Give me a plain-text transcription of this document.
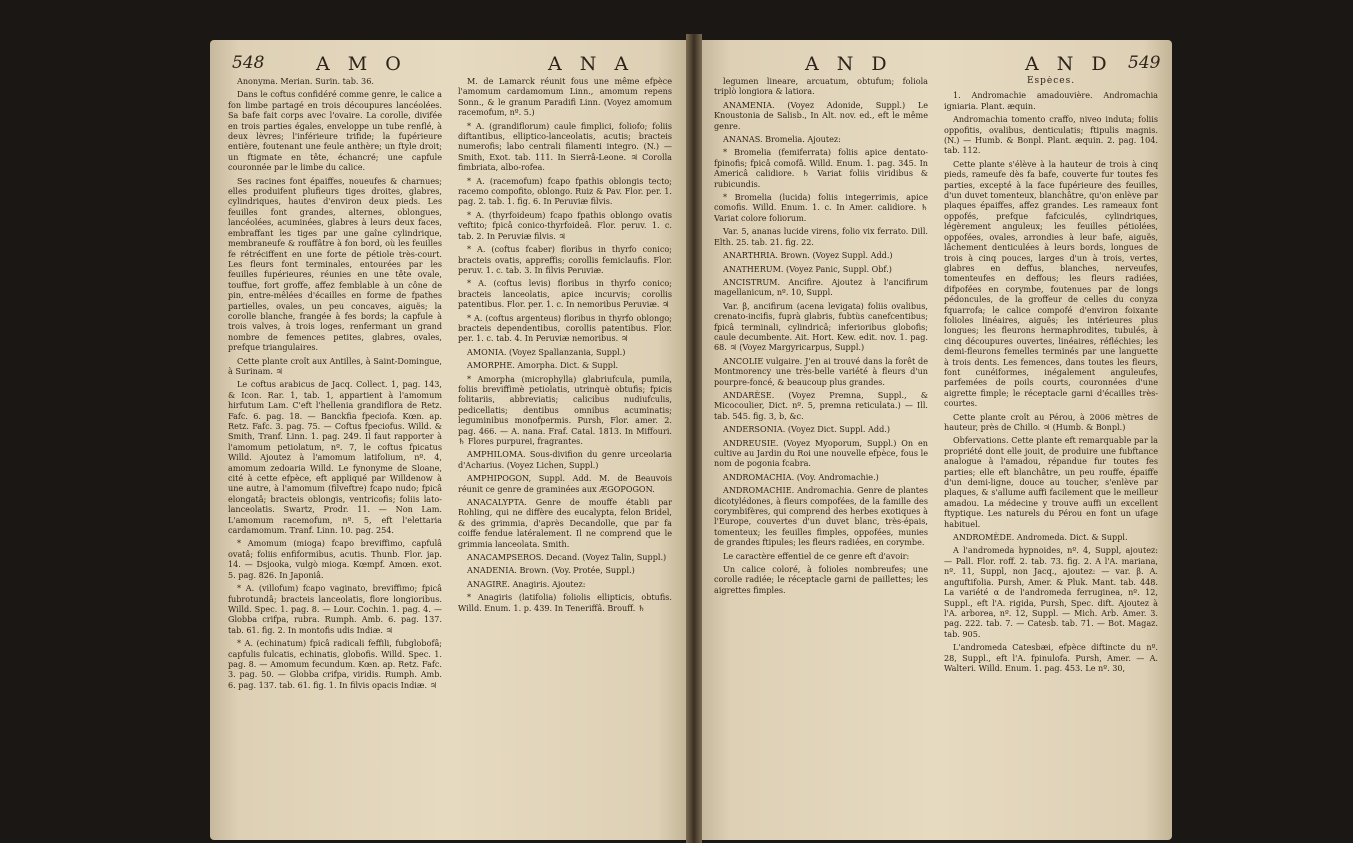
548	A M O	A N A	A N D	A N D 549

Anonyma. Merian. Surin. tab. 36.

Dans le coftus confidéré comme genre, le calice a fon limbe partagé en trois découpures lancéolées. Sa bafe fait corps avec l'ovaire. La corolle, divifée en trois parties égales, enveloppe un tube renflé, à deux lèvres; l'inférieure trifide; la fupérieure entière, foutenant une feule anthère; un ftyle droit; un ftigmate en tête, échancré; une capfule couronnée par le limbe du calice.

Ses racines font épaiffes, noueufes & charnues; elles produifent plufieurs tiges droites, glabres, cylindriques, hautes d'environ deux pieds. Les feuilles font grandes, alternes, oblongues, lancéolées, acuminées, glabres à leurs deux faces, embraffant les tiges par une gaîne cylindrique, membraneufe & rouffâtre à fon bord, où les feuilles fe rétréciffent en une forte de pétiole très-court. Les fleurs font terminales, entourées par les feuilles fupérieures, réunies en une tête ovale, touffue, fort groffe, affez femblable à un cône de pin, entre-mêlées d'écailles en forme de fpathes partielles, ovales, un peu concaves, aiguës; la corolle blanche, frangée à fes bords; la capfule à trois valves, à trois loges, renfermant un grand nombre de femences petites, glabres, ovales, prefque triangulaires.

Cette plante croît aux Antilles, à Saint-Domingue, à Surinam. ♃

Le coftus arabicus de Jacq. Collect. 1, pag. 143, & Icon. Rar. 1, tab. 1, appartient à l'amomum hirfutum Lam. C'eft l'hellenia grandiflora de Retz. Fafc. 6. pag. 18. — Banckfia fpeciofa. Kœn. ap. Retz. Fafc. 3. pag. 75. — Coftus fpeciofus. Willd. & Smith, Tranf. Linn. 1. pag. 249. Il faut rapporter à l'amomum petiolatum, nº. 7, le coftus fpicatus Willd. Ajoutez à l'amomum latifolium, nº. 4, amomum zedoaria Willd. Le fynonyme de Sloane, cité à cette efpèce, eft appliqué par Willdenow à une autre, à l'amomum (filveftre) fcapo nudo; fpicâ elongatâ; bracteis oblongis, ventricofis; foliis lato-lanceolatis. Swartz, Prodr. 11. — Non Lam. L'amomum racemofum, nº. 5, eft l'elettaria cardamomum. Tranf. Linn. 10. pag. 254.

* Amomum (mioga) fcapo breviffimo, capfulâ ovatâ; foliis enfiformibus, acutis. Thunb. Flor. jap. 14. — Dsjooka, vulgò mioga. Kœmpf. Amœn. exot. 5. pag. 826. In Japoniâ.

* A. (villofum) fcapo vaginato, breviffimo; fpicâ fubrotundâ; bracteis lanceolatis, flore longioribus. Willd. Spec. 1. pag. 8. — Lour. Cochin. 1. pag. 4. — Globba crifpa, rubra. Rumph. Amb. 6. pag. 137. tab. 61. fig. 2. In montofis udis Indiæ. ♃

* A. (echinatum) fpicâ radicali feffili, fubglobofâ; capfulis fulcatis, echinatis, globofis. Willd. Spec. 1. pag. 8. — Amomum fecundum. Kœn. ap. Retz. Fafc. 3. pag. 50. — Globba crifpa, viridis. Rumph. Amb. 6. pag. 137. tab. 61. fig. 1. In filvis opacis Indiæ. ♃

M. de Lamarck réunit fous une même efpèce l'amomum cardamomum Linn., amomum repens Sonn., & le granum Paradifi Linn. (Voyez amomum racemofum, nº. 5.)

* A. (grandiflorum) caule fimplici, foliofo; foliis diftantibus, elliptico-lanceolatis, acutis; bracteis numerofis; labo centrali filamenti integro. (N.) — Smith, Exot. tab. 111. In Sierrâ-Leone. ♃ Corolla fimbriata, albo-rofea.

* A. (racemofum) fcapo fpathis oblongis tecto; racemo compofito, oblongo. Ruiz & Pav. Flor. per. 1. pag. 2. tab. 1. fig. 6. In Peruviæ filvis.

* A. (thyrfoideum) fcapo fpathis oblongo ovatis veftito; fpicâ conico-thyrfoideâ. Flor. peruv. 1. c. tab. 2. In Peruviæ filvis. ♃

* A. (coftus fcaber) floribus in thyrfo conico; bracteis ovatis, appreffis; corollis femiclaufis. Flor. peruv. 1. c. tab. 3. In filvis Peruviæ.

* A. (coftus levis) floribus in thyrfo conico; bracteis lanceolatis, apice incurvis; corollis patentibus. Flor. per. 1. c. In nemoribus Peruviæ. ♃

* A. (coftus argenteus) floribus in thyrfo oblongo; bracteis dependentibus, corollis patentibus. Flor. per. 1. c. tab. 4. In Peruviæ nemoribus. ♃

AMONIA. (Voyez Spallanzania, Suppl.)

AMORPHE. Amorpha. Dict. & Suppl.

* Amorpha (microphylla) glabriufcula, pumila, foliis breviffimè petiolatis, utrinquè obtufis; fpicis folitariis, abbreviatis; calicibus nudiufculis, pedicellatis; dentibus omnibus acuminatis; leguminibus monofpermis. Pursh, Flor. amer. 2. pag. 466. — A. nana. Fraf. Catal. 1813. In Miffouri. ♄ Flores purpurei, fragrantes.

AMPHILOMA. Sous-divifion du genre urceolaria d'Acharius. (Voyez Lichen, Suppl.)

AMPHIPOGON, Suppl. Add. M. de Beauvois réunit ce genre de graminées aux ÆGOPOGON.

ANACALYPTA. Genre de mouffe établi par Rohling, qui ne diffère des eucalypta, felon Bridel, & des grimmia, d'après Decandolle, que par fa coiffe fendue latéralement. Il ne comprend que le grimmia lanceolata. Smith.

ANACAMPSEROS. Decand. (Voyez Talin, Suppl.)

ANADENIA. Brown. (Voy. Protée, Suppl.)

ANAGIRE. Anagiris. Ajoutez:

* Anagiris (latifolia) foliolis ellipticis, obtufis. Willd. Enum. 1. p. 439. In Teneriffâ. Brouff. ♄

legumen lineare, arcuatum, obtufum; foliola triplò longiora & latiora.

ANAMENIA. (Voyez Adonide, Suppl.) Le Knoustonia de Salisb., In Alt. nov. ed., eft le même genre.

ANANAS. Bromelia. Ajoutez:

* Bromelia (femiferrata) foliis apice dentato-fpinofis; fpicâ comofâ. Willd. Enum. 1. pag. 345. In Americâ calidiore. ♄ Variat foliis viridibus & rubicundis.

* Bromelia (lucida) foliis integerrimis, apice comofis. Willd. Enum. 1. c. In Amer. calidiore. ♄ Variat colore foliorum.

Var. 5, ananas lucide virens, folio vix ferrato. Dill. Elth. 25. tab. 21. fig. 22.

ANARTHRIA. Brown. (Voyez Suppl. Add.)

ANATHERUM. (Voyez Panic, Suppl. Obf.)

ANCISTRUM. Ancifire. Ajoutez à l'ancifirum magellanicum, nº. 10, Suppl.

Var. β, ancifirum (acena levigata) foliis ovalibus, crenato-incifis, fuprà glabris, fubtùs canefcentibus; fpicâ terminali, cylindricâ; inferioribus globofis; caule decumbente. Ait. Hort. Kew. edit. nov. 1. pag. 68. ♃ (Voyez Margyricarpus, Suppl.)

ANCOLIE vulgaire. J'en ai trouvé dans la forêt de Montmorency une très-belle variété à fleurs d'un pourpre-foncé, & beaucoup plus grandes.

ANDARÈSE. (Voyez Premna, Suppl., & Micocoulier, Dict. nº. 5, premna reticulata.) — Ill. tab. 545. fig. 3, b, &c.

ANDERSONIA. (Voyez Dict. Suppl. Add.)

ANDREUSIE. (Voyez Myoporum, Suppl.) On en cultive au Jardin du Roi une nouvelle efpèce, fous le nom de pogonia fcabra.

ANDROMACHIA. (Voy. Andromachie.)

ANDROMACHIE. Andromachia. Genre de plantes dicotylédones, à fleurs compofées, de la famille des corymbifères, qui comprend des herbes exotiques à l'Europe, couvertes d'un duvet blanc, très-épais, tomenteux; les feuilles fimples, oppofées, munies de grandes ftipules; les fleurs radiées, en corymbe.

Le caractère effentiel de ce genre eft d'avoir:

Un calice coloré, à folioles nombreufes; une corolle radiée; le réceptacle garni de paillettes; les aigrettes fimples.

Espèces.

1. Andromachie amadouvière. Andromachia igniaria. Plant. æquin.

Andromachia tomento craffo, niveo induta; foliis oppofitis, ovalibus, denticulatis; ftipulis magnis. (N.) — Humb. & Bonpl. Plant. æquin. 2. pag. 104. tab. 112.

Cette plante s'élève à la hauteur de trois à cinq pieds, rameufe dès fa bafe, couverte fur toutes fes parties, excepté à la face fupérieure des feuilles, d'un duvet tomenteux, blanchâtre, qu'on enlève par plaques épaiffes, affez grandes. Les rameaux font oppofés, prefque fafciculés, cylindriques, légèrement anguleux; les feuilles pétiolées, oppofées, ovales, arrondies à leur bafe, aiguës, lâchement denticulées à leurs bords, longues de trois à cinq pouces, larges d'un à trois, vertes, glabres en deffus, blanches, nerveufes, tomenteufes en deffous; les fleurs radiées, difpofées en corymbe, foutenues par de longs pédoncules, de la groffeur de celles du conyza fquarrofa; le calice compofé d'environ foixante folioles linéaires, aiguës; les intérieures plus longues; les fleurons hermaphrodites, tubulés, à cinq découpures ouvertes, linéaires, réfléchies; les demi-fleurons femelles terminés par une languette à trois dents. Les femences, dans toutes les fleurs, font cunéiformes, inégalement anguleufes, parfemées de poils courts, couronnées d'une aigrette fimple; le réceptacle garni d'écailles très-courtes.

Cette plante croît au Pérou, à 2006 mètres de hauteur, près de Chillo. ♃ (Humb. & Bonpl.)

Obfervations. Cette plante eft remarquable par la propriété dont elle jouit, de produire une fubftance analogue à l'amadou, répandue fur toutes fes parties; elle eft blanchâtre, un peu rouffe, épaiffe d'un demi-ligne, douce au toucher, s'enlève par plaques, & s'allume auffi facilement que le meilleur amadou. La médecine y trouve auffi un excellent ftyptique. Les naturels du Pérou en font un ufage habituel.

ANDROMÈDE. Andromeda. Dict. & Suppl.

A l'andromeda hypnoides, nº. 4, Suppl, ajoutez: — Pall. Flor. roff. 2. tab. 73. fig. 2. A l'A. mariana, nº. 11, Suppl, non Jacq., ajoutez: — var. β. A. anguftifolia. Pursh, Amer. & Pluk. Mant. tab. 448. La variété α de l'andromeda ferruginea, nº. 12, Suppl., eft l'A. rigida, Pursh, Spec. dift. Ajoutez à l'A. arborea, nº. 12, Suppl. — Mich. Arb. Amer. 3. pag. 222. tab. 7. — Catesb. tab. 71. — Bot. Magaz. tab. 905.

L'andromeda Catesbæi, efpèce diftincte du nº. 28, Suppl., eft l'A. fpinulofa. Pursh, Amer. — A. Walteri. Willd. Enum. 1. pag. 453. Le nº. 30,
